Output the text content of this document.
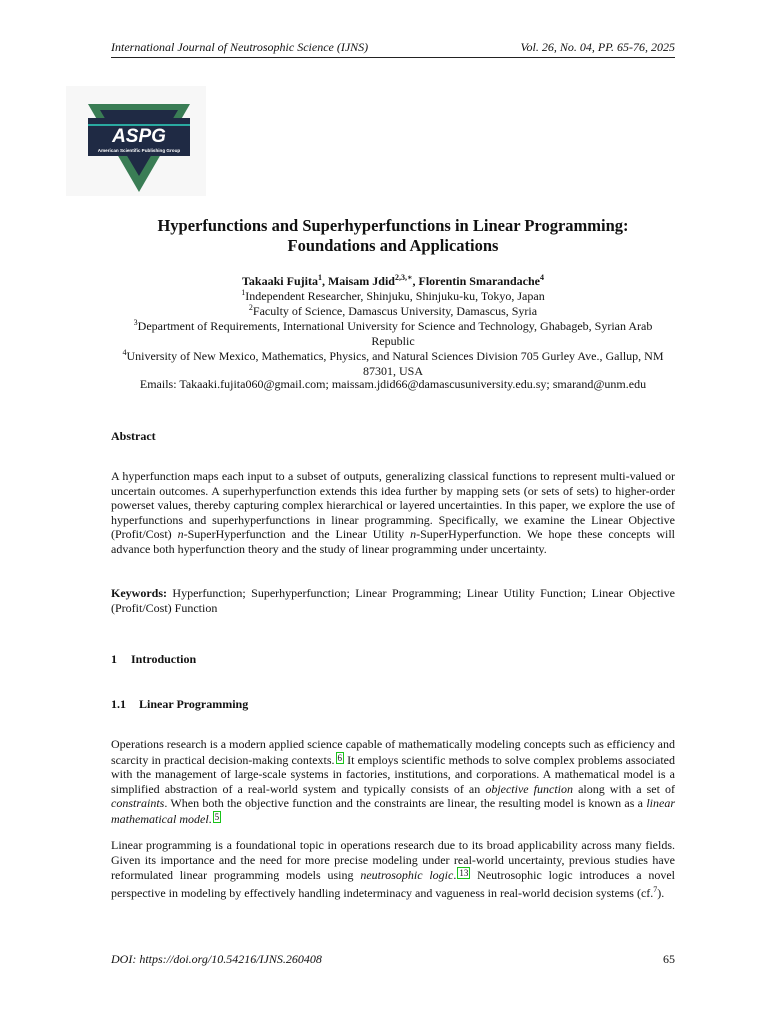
International Journal of Neutrosophic Science (IJNS)	Vol. 26, No. 04, PP. 65-76, 2025
ASPG
American Scientific Publishing Group
Hyperfunctions and Superhyperfunctions in Linear Programming:
Foundations and Applications
Takaaki Fujita$^1$, Maisam Jdid$^{2,3,∗}$, Florentin Smarandache$^4$
$^1$Independent Researcher, Shinjuku, Shinjuku-ku, Tokyo, Japan
$^2$Faculty of Science, Damascus University, Damascus, Syria
$^3$Department of Requirements, International University for Science and Technology, Ghabageb, Syrian Arab Republic
$^4$University of New Mexico, Mathematics, Physics, and Natural Sciences Division 705 Gurley Ave., Gallup, NM 87301, USA
Emails: Takaaki.fujita060@gmail.com; maissam.jdid66@damascusuniversity.edu.sy; smarand@unm.edu
Abstract
A hyperfunction maps each input to a subset of outputs, generalizing classical functions to represent multi-valued or uncertain outcomes. A superhyperfunction extends this idea further by mapping sets (or sets of sets) to higher-order powerset values, thereby capturing complex hierarchical or layered uncertainties. In this paper, we explore the use of hyperfunctions and superhyperfunctions in linear programming. Specifically, we examine the Linear Objective (Profit/Cost) n-SuperHyperfunction and the Linear Utility n-SuperHyperfunction. We hope these concepts will advance both hyperfunction theory and the study of linear programming under uncertainty.
Keywords: Hyperfunction; Superhyperfunction; Linear Programming; Linear Utility Function; Linear Objective (Profit/Cost) Function
1 Introduction
1.1 Linear Programming
Operations research is a modern applied science capable of mathematically modeling concepts such as efficiency and scarcity in practical decision-making contexts. 6 It employs scientific methods to solve complex problems associated with the management of large-scale systems in factories, institutions, and corporations. A mathematical model is a simplified abstraction of a real-world system and typically consists of an objective function along with a set of constraints. When both the objective function and the constraints are linear, the resulting model is known as a linear mathematical model. 5
Linear programming is a foundational topic in operations research due to its broad applicability across many fields. Given its importance and the need for more precise modeling under real-world uncertainty, previous studies have reformulated linear programming models using neutrosophic logic. 13 Neutrosophic logic introduces a novel perspective in modeling by effectively handling indeterminacy and vagueness in real-world decision systems (cf.$^7$).
DOI: https://doi.org/10.54216/IJNS.260408	65
